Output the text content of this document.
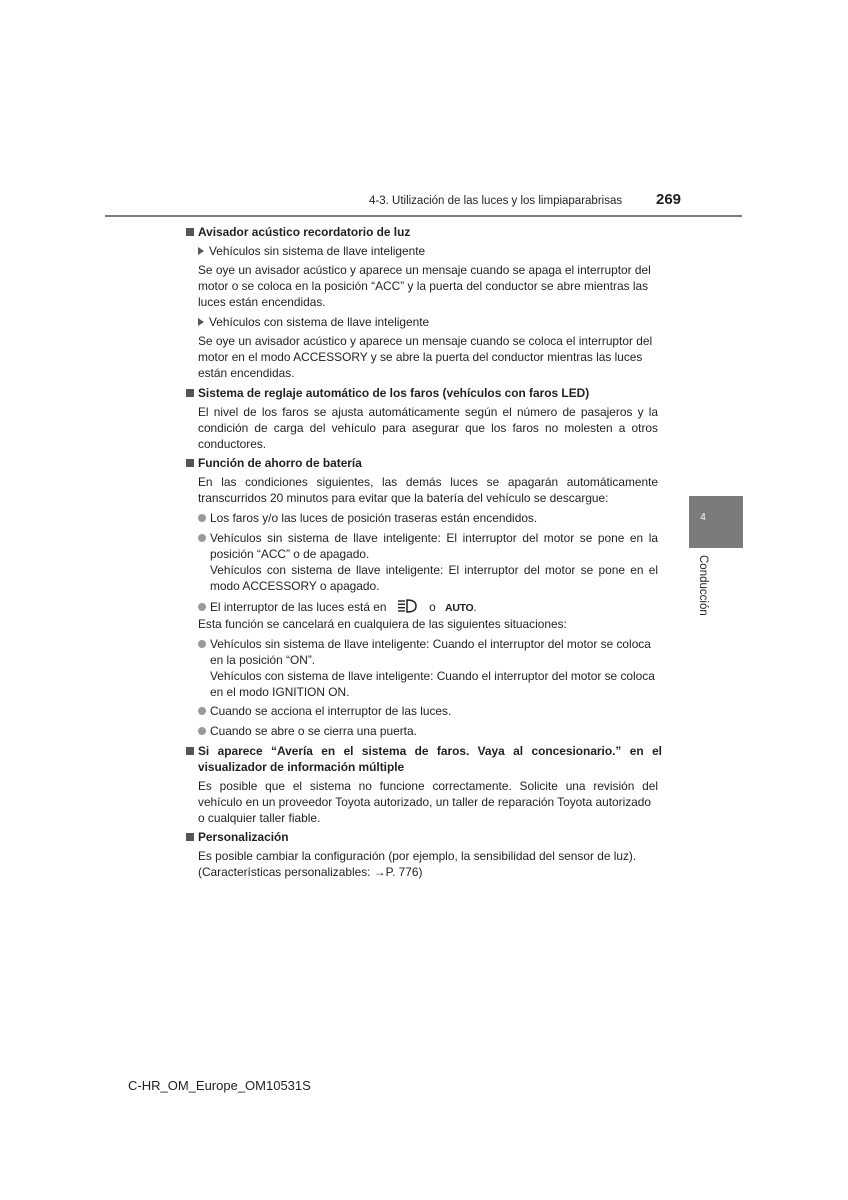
4-3. Utilización de las luces y los limpiaparabrisas 269
4
Conducción
Avisador acústico recordatorio de luz
Vehículos sin sistema de llave inteligente
Se oye un avisador acústico y aparece un mensaje cuando se apaga el interruptor del
motor o se coloca en la posición “ACC” y la puerta del conductor se abre mientras las
luces están encendidas.
Vehículos con sistema de llave inteligente
Se oye un avisador acústico y aparece un mensaje cuando se coloca el interruptor del
motor en el modo ACCESSORY y se abre la puerta del conductor mientras las luces
están encendidas.
Sistema de reglaje automático de los faros (vehículos con faros LED)
El nivel de los faros se ajusta automáticamente según el número de pasajeros y la
condición de carga del vehículo para asegurar que los faros no molesten a otros
conductores.
Función de ahorro de batería
En las condiciones siguientes, las demás luces se apagarán automáticamente
transcurridos 20 minutos para evitar que la batería del vehículo se descargue:
Los faros y/o las luces de posición traseras están encendidos.
Vehículos sin sistema de llave inteligente: El interruptor del motor se pone en la
posición “ACC” o de apagado.
Vehículos con sistema de llave inteligente: El interruptor del motor se pone en el
modo ACCESSORY o apagado.
El interruptor de las luces está en	o AUTO.
Esta función se cancelará en cualquiera de las siguientes situaciones:
Vehículos sin sistema de llave inteligente: Cuando el interruptor del motor se coloca
en la posición “ON”.
Vehículos con sistema de llave inteligente: Cuando el interruptor del motor se coloca
en el modo IGNITION ON.
Cuando se acciona el interruptor de las luces.
Cuando se abre o se cierra una puerta.
Si aparece “Avería en el sistema de faros. Vaya al concesionario.” en el
visualizador de información múltiple
Es posible que el sistema no funcione correctamente. Solicite una revisión del
vehículo en un proveedor Toyota autorizado, un taller de reparación Toyota autorizado
o cualquier taller fiable.
Personalización
Es posible cambiar la configuración (por ejemplo, la sensibilidad del sensor de luz).
(Características personalizables: →P. 776)
C-HR_OM_Europe_OM10531S
